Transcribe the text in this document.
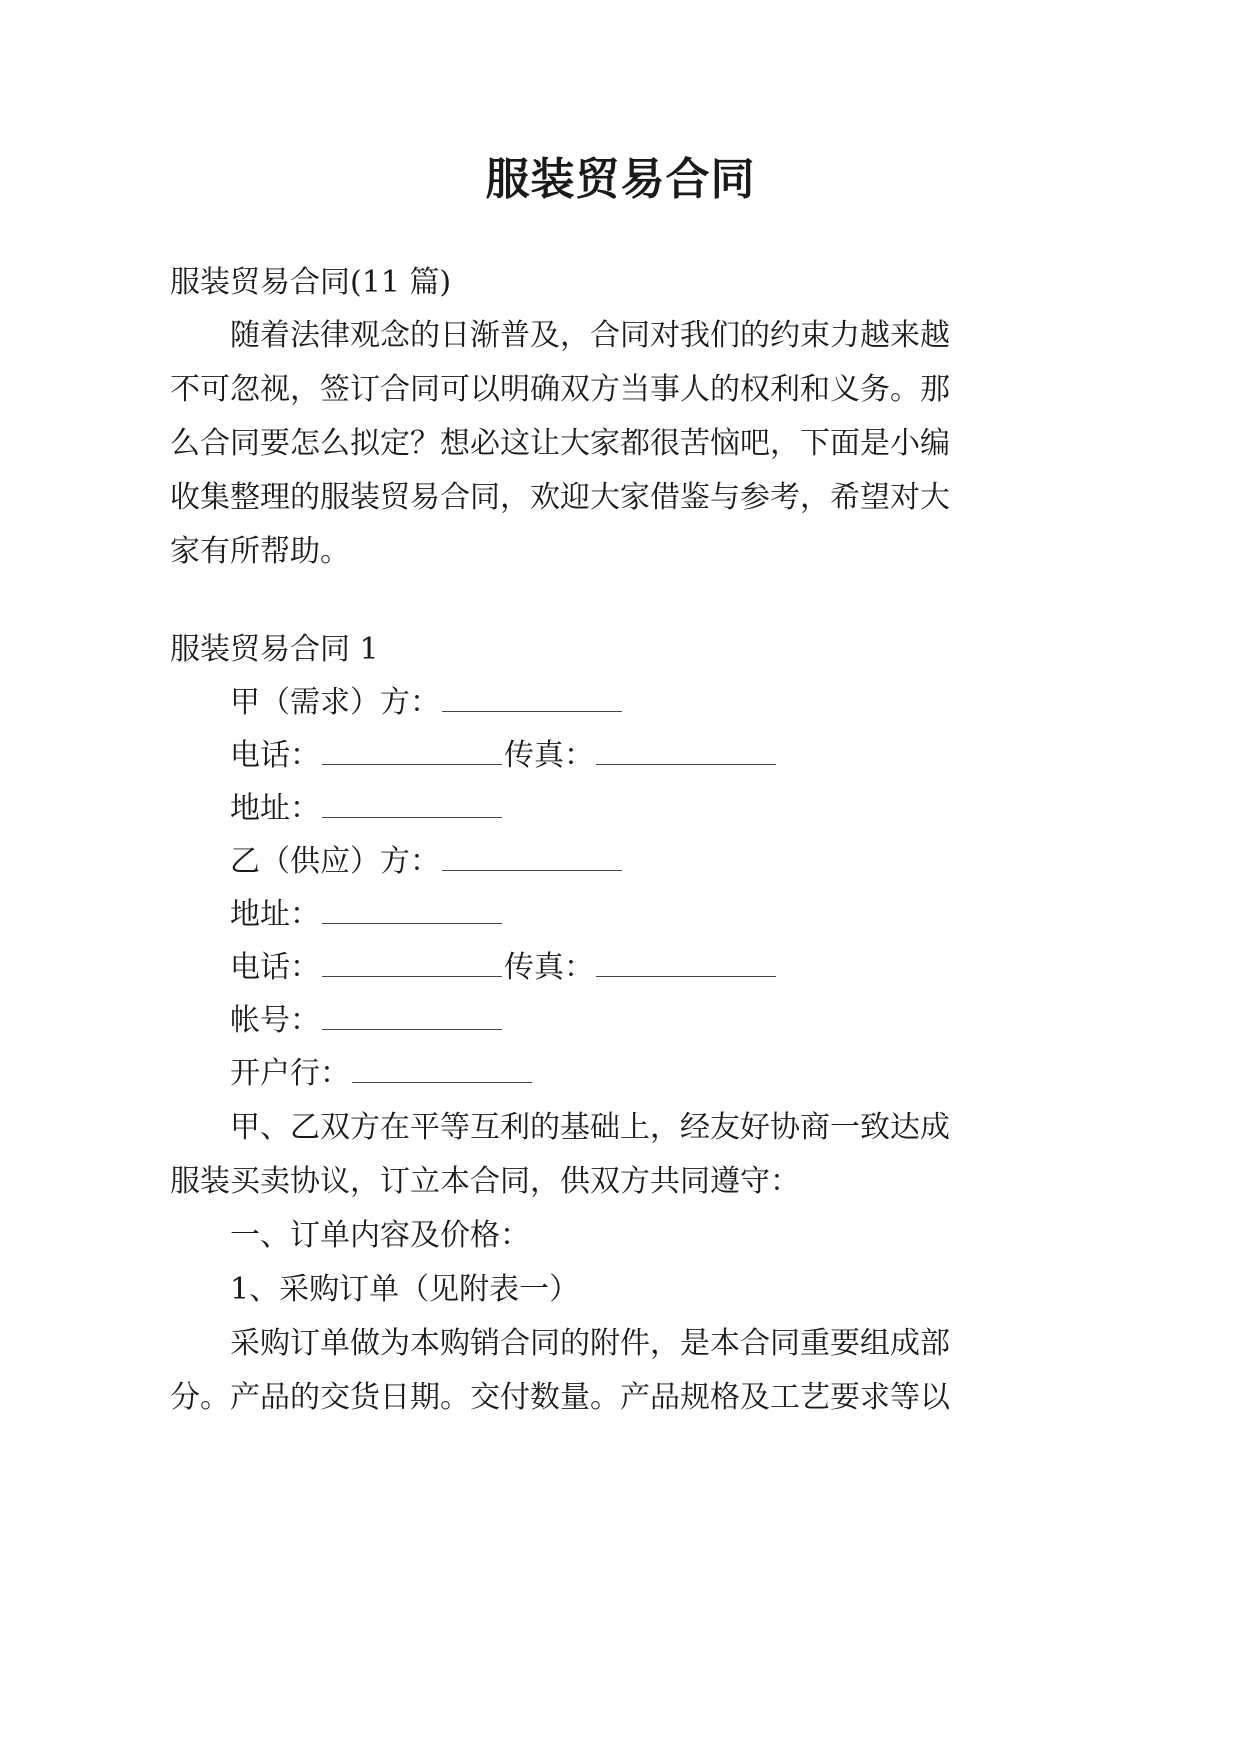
服装贸易合同

服装贸易合同(11 篇)

随着法律观念的日渐普及，合同对我们的约束力越来越

不可忽视，签订合同可以明确双方当事人的权利和义务。那

么合同要怎么拟定？想必这让大家都很苦恼吧，下面是小编

收集整理的服装贸易合同，欢迎大家借鉴与参考，希望对大

家有所帮助。

服装贸易合同 1

甲（需求）方：

电话：	传真：

地址：

乙（供应）方：

地址：

电话：	传真：

帐号：

开户行：

甲、乙双方在平等互利的基础上，经友好协商一致达成

服装买卖协议，订立本合同，供双方共同遵守：

一、订单内容及价格：

1、采购订单（见附表一）

采购订单做为本购销合同的附件，是本合同重要组成部

分。产品的交货日期。交付数量。产品规格及工艺要求等以
